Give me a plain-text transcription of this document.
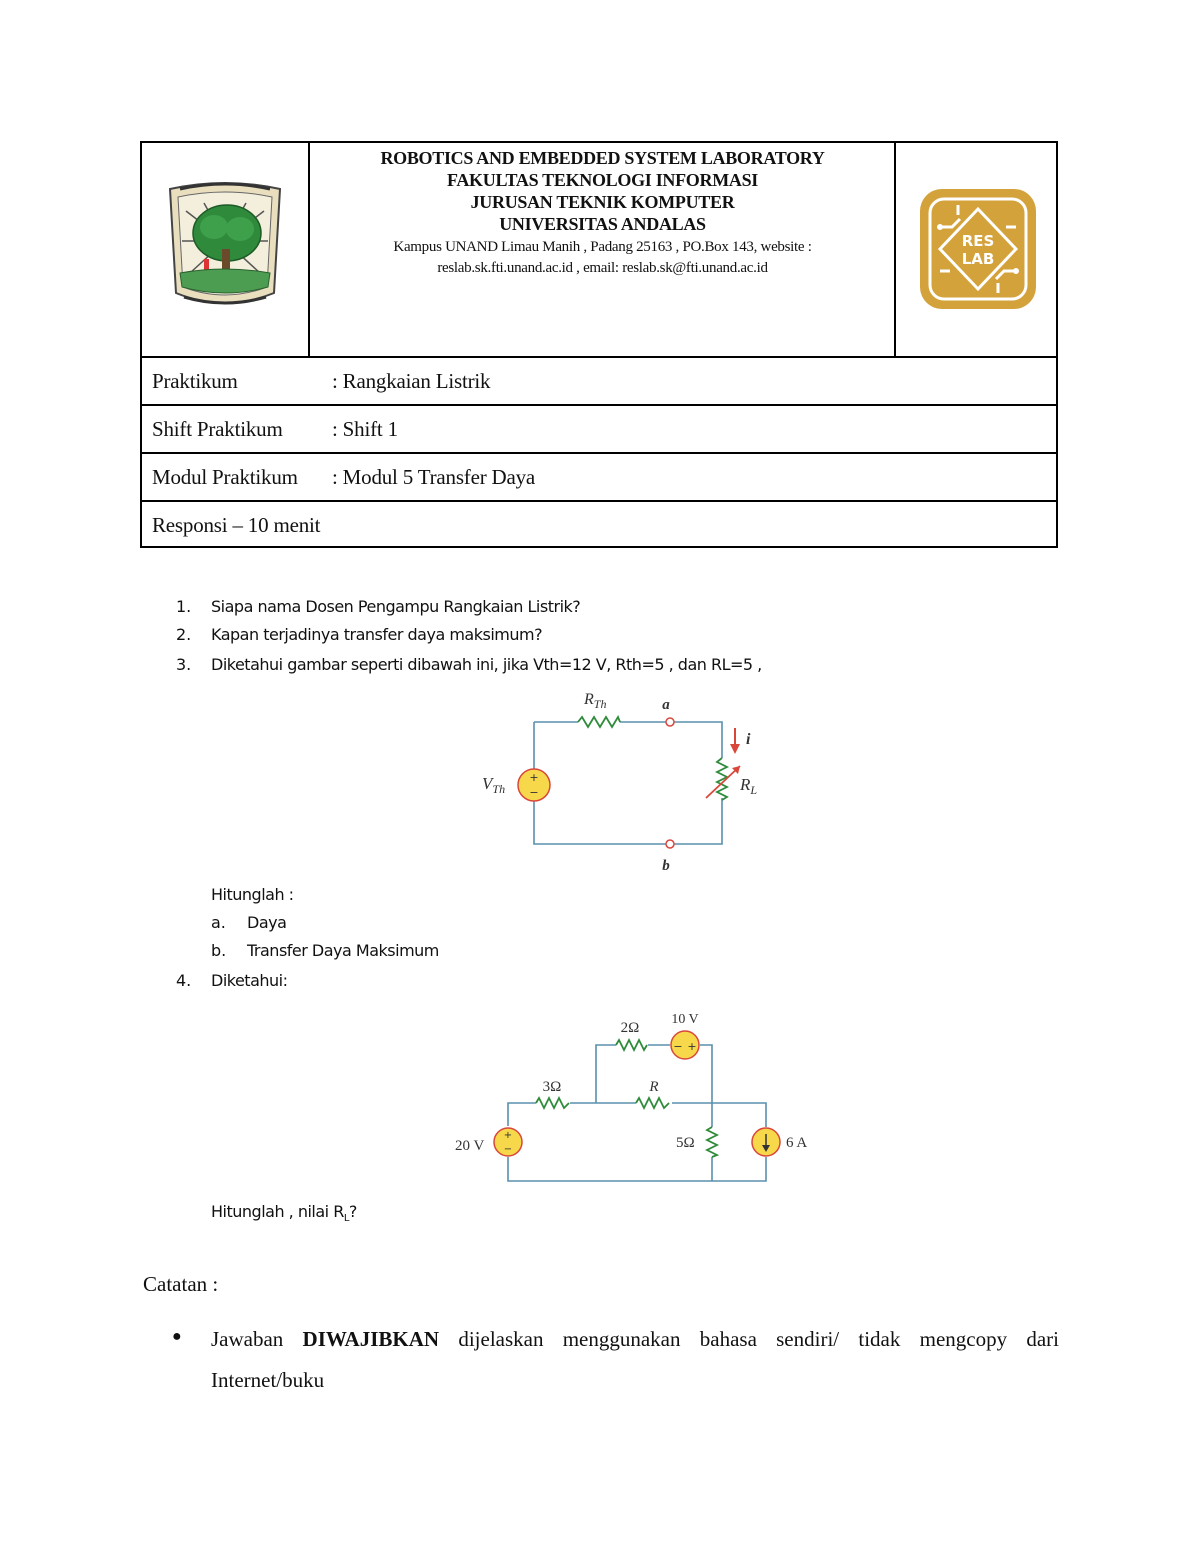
ROBOTICS AND EMBEDDED SYSTEM LABORATORY
FAKULTAS TEKNOLOGI INFORMASI
JURUSAN TEKNIK KOMPUTER
UNIVERSITAS ANDALAS
Kampus UNAND Limau Manih , Padang 25163 , PO.Box 143, website :
reslab.sk.fti.unand.ac.id , email: reslab.sk@fti.unand.ac.id
RES
LAB
Praktikum	: Rangkaian Listrik
Shift Praktikum : Shift 1
Modul Praktikum : Modul 5 Transfer Daya
Responsi – 10 menit
1. Siapa nama Dosen Pengampu Rangkaian Listrik?
2. Kapan terjadinya transfer daya maksimum?
3. Diketahui gambar seperti dibawah ini, jika Vth=12 V, Rth=5 , dan RL=5 ,
+
−
$R_{Th}$	a
b
i
$V_{Th}$	$R_L$
Hitunglah :
a. Daya
b. Transfer Daya Maksimum
4. Diketahui:
− +
+
−
2Ω
10 V
3Ω	R
20 V	5Ω	6 A
Hitunglah , nilai $R_L$?
Catatan :
● Jawaban DIWAJIBKAN dijelaskan menggunakan bahasa sendiri/ tidak mengcopy dari
Internet/buku
